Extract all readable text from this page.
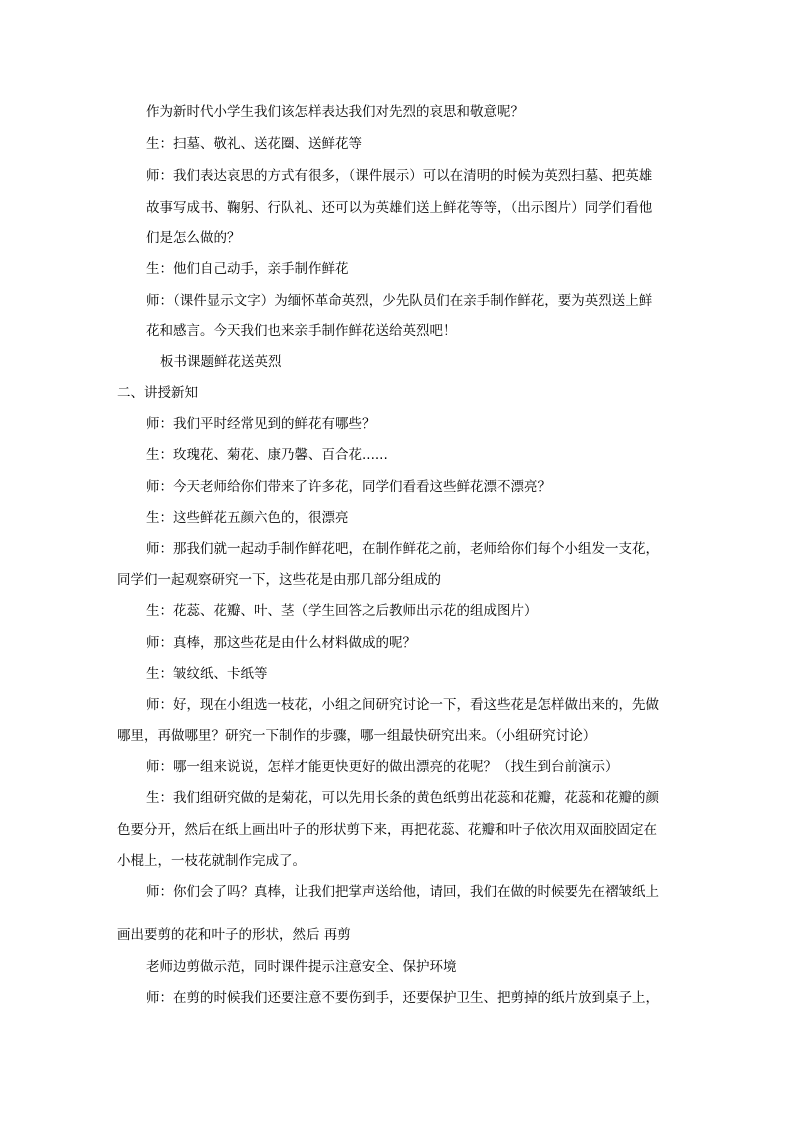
作为新时代小学生我们该怎样表达我们对先烈的哀思和敬意呢？
生：扫墓、敬礼、送花圈、送鲜花等
师：我们表达哀思的方式有很多，（课件展示）可以在清明的时候为英烈扫墓、把英雄
故事写成书、鞠躬、行队礼、还可以为英雄们送上鲜花等等，（出示图片）同学们看他
们是怎么做的？
生：他们自己动手，亲手制作鲜花
师：（课件显示文字）为缅怀革命英烈，少先队员们在亲手制作鲜花，要为英烈送上鲜
花和感言。今天我们也来亲手制作鲜花送给英烈吧！
板书课题鲜花送英烈
二、讲授新知
师：我们平时经常见到的鲜花有哪些？
生：玫瑰花、菊花、康乃馨、百合花......
师：今天老师给你们带来了许多花，同学们看看这些鲜花漂不漂亮？
生：这些鲜花五颜六色的，很漂亮
师：那我们就一起动手制作鲜花吧，在制作鲜花之前，老师给你们每个小组发一支花，
同学们一起观察研究一下，这些花是由那几部分组成的
生：花蕊、花瓣、叶、茎（学生回答之后教师出示花的组成图片）
师：真棒，那这些花是由什么材料做成的呢？
生：皱纹纸、卡纸等
师：好，现在小组选一枝花，小组之间研究讨论一下，看这些花是怎样做出来的，先做
哪里，再做哪里？研究一下制作的步骤，哪一组最快研究出来。（小组研究讨论）
师：哪一组来说说，怎样才能更快更好的做出漂亮的花呢？（找生到台前演示）
生：我们组研究做的是菊花，可以先用长条的黄色纸剪出花蕊和花瓣，花蕊和花瓣的颜
色要分开，然后在纸上画出叶子的形状剪下来，再把花蕊、花瓣和叶子依次用双面胶固定在
小棍上，一枝花就制作完成了。
师：你们会了吗？真棒，让我们把掌声送给他，请回，我们在做的时候要先在褶皱纸上
画出要剪的花和叶子的形状，然后 再剪
老师边剪做示范，同时课件提示注意安全、保护环境
师：在剪的时候我们还要注意不要伤到手，还要保护卫生、把剪掉的纸片放到桌子上，
